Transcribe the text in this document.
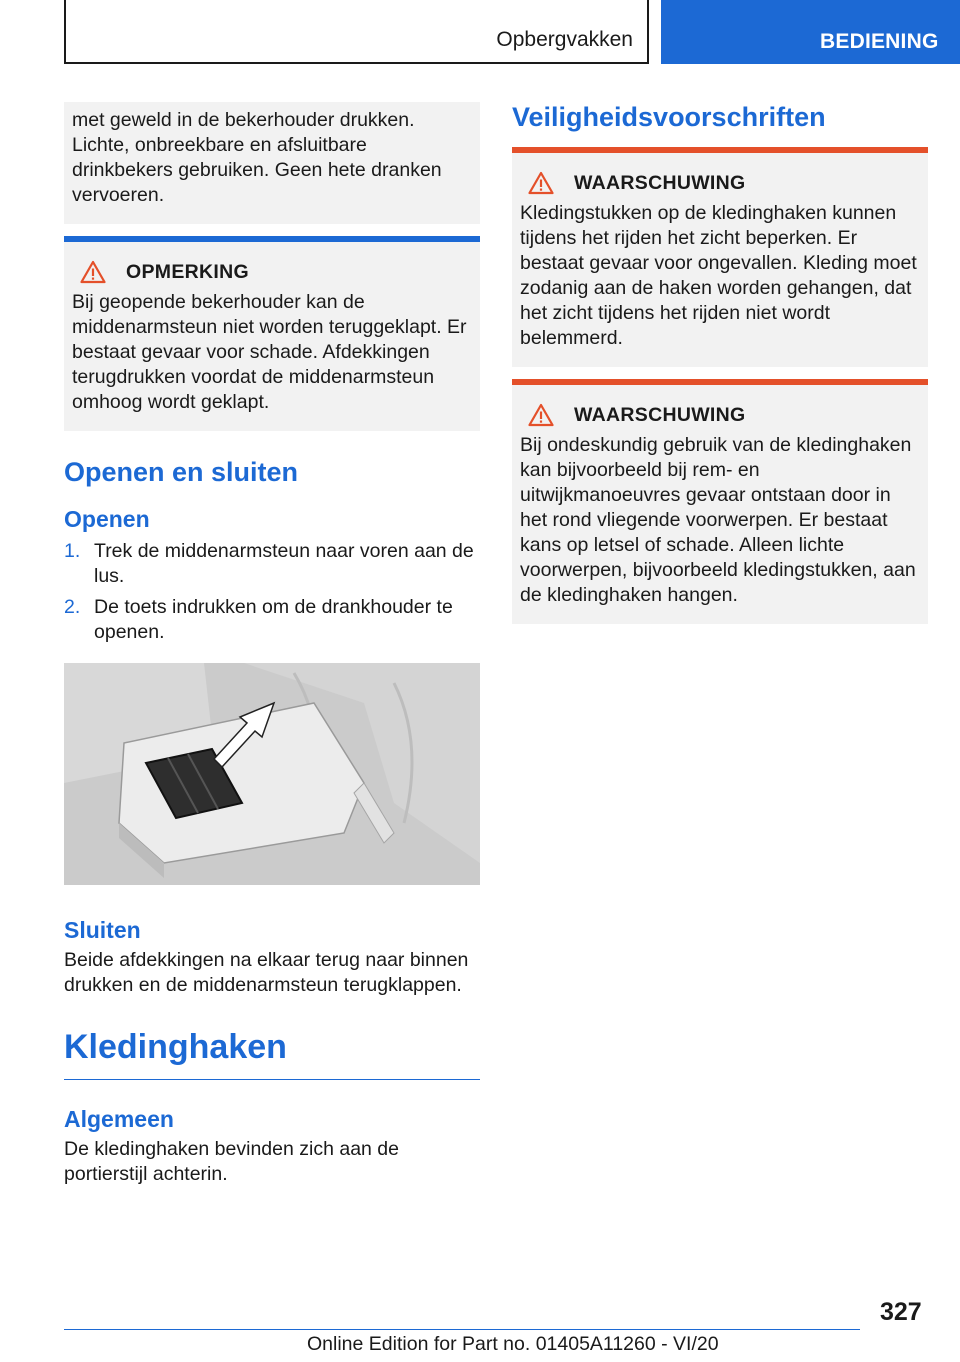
Opbergvakken	BEDIENING

met geweld in de bekerhouder drukken. Lichte, onbreekbare en afsluitbare drinkbekers gebruiken. Geen hete dranken vervoeren.

OPMERKING

Bij geopende bekerhouder kan de middenarmsteun niet worden teruggeklapt. Er bestaat gevaar voor schade. Afdekkingen terugdrukken voordat de middenarmsteun omhoog wordt geklapt.

Openen en sluiten
Openen
1. Trek de middenarmsteun naar voren aan de lus.
2. De toets indrukken om de drankhouder te openen.
Sluiten

Beide afdekkingen na elkaar terug naar binnen drukken en de middenarmsteun terugklappen.

Kledinghaken
Algemeen

De kledinghaken bevinden zich aan de portierstijl achterin.

Veiligheidsvoorschriften
WAARSCHUWING

Kledingstukken op de kledinghaken kunnen tijdens het rijden het zicht beperken. Er bestaat gevaar voor ongevallen. Kleding moet zodanig aan de haken worden gehangen, dat het zicht tijdens het rijden niet wordt belemmerd.

WAARSCHUWING

Bij ondeskundig gebruik van de kledinghaken kan bijvoorbeeld bij rem- en uitwijkmanoeuvres gevaar ontstaan door in het rond vliegende voorwerpen. Er bestaat kans op letsel of schade. Alleen lichte voorwerpen, bijvoorbeeld kledingstukken, aan de kledinghaken hangen.

327
Online Edition for Part no. 01405A11260 - VI/20
